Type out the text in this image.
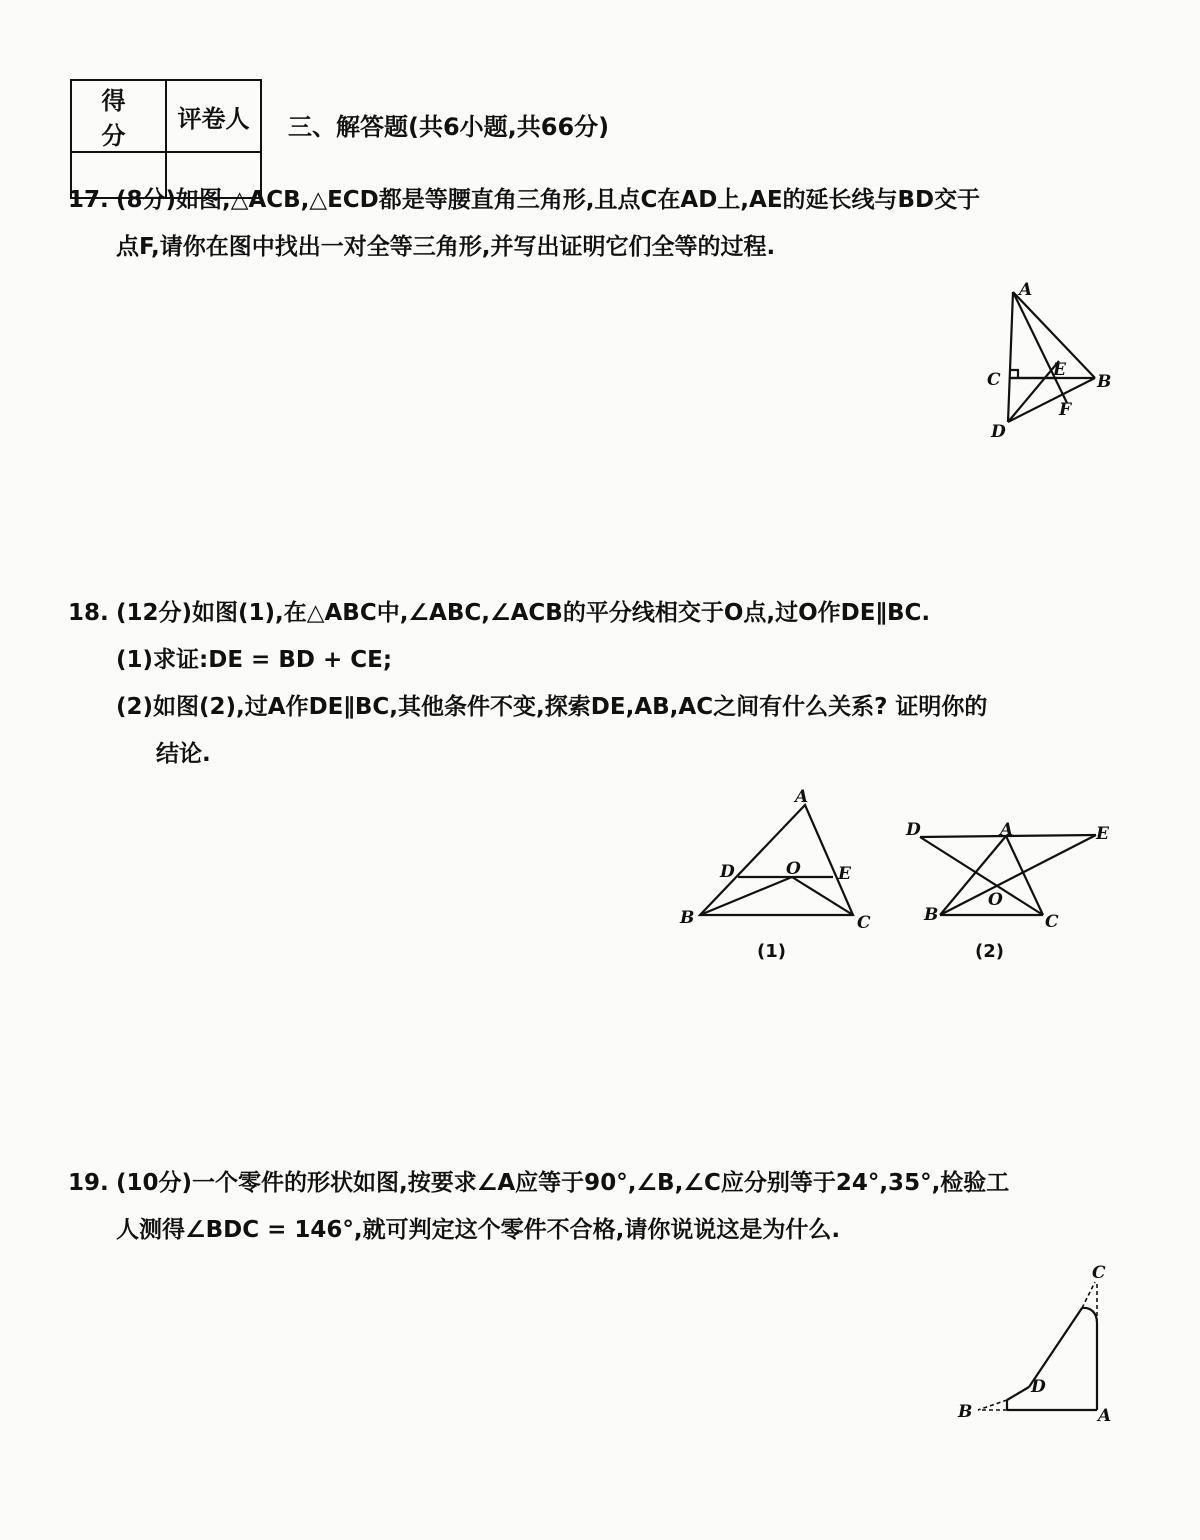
得　分	评卷人
	三、解答题(共6小题,共66分)
17. (8分)如图,△ACB,△ECD都是等腰直角三角形,且点C在AD上,AE的延长线与BD交于
点F,请你在图中找出一对全等三角形,并写出证明它们全等的过程.
A
B
C
D
E
F
18. (12分)如图(1),在△ABC中,∠ABC,∠ACB的平分线相交于O点,过O作DE∥BC.
(1)求证:DE = BD + CE;
(2)如图(2),过A作DE∥BC,其他条件不变,探索DE,AB,AC之间有什么关系? 证明你的
结论.
A
B	C
D	O E
(1)
D	A	E
B	C
O
(2)
19. (10分)一个零件的形状如图,按要求∠A应等于90°,∠B,∠C应分别等于24°,35°,检验工
人测得∠BDC = 146°,就可判定这个零件不合格,请你说说这是为什么.
C
D
B	A
